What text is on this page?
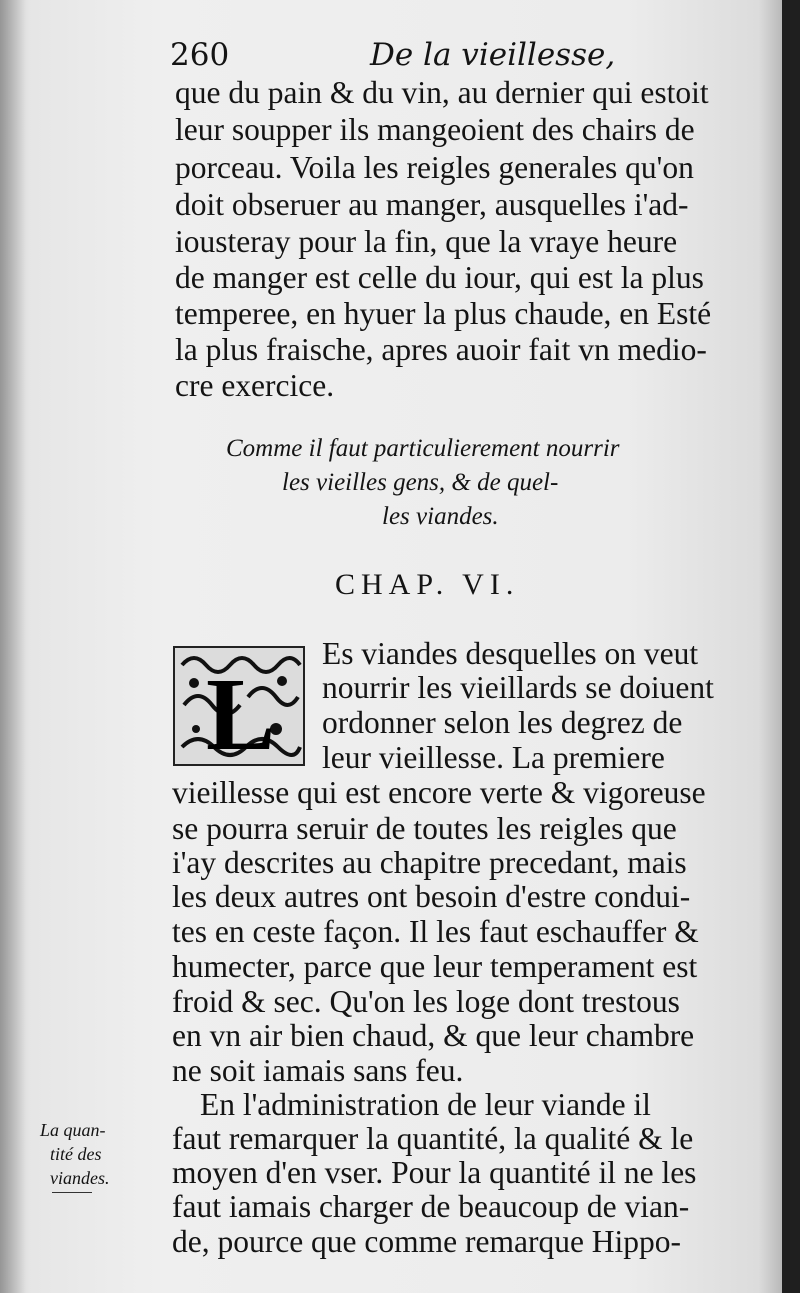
260	De la vieillesse,
que du pain & du vin, au dernier qui estoit
leur soupper ils mangeoient des chairs de
porceau. Voila les reigles generales qu'on
doit obseruer au manger, ausquelles i'ad-
iousteray pour la fin, que la vraye heure
de manger est celle du iour, qui est la plus
temperee, en hyuer la plus chaude, en Esté
la plus fraische, apres auoir fait vn medio-
cre exercice.
Comme il faut particulierement nourrir
les vieilles gens, & de quel-
les viandes.
CHAP. VI.
L
Es viandes desquelles on veut
nourrir les vieillards se doiuent
ordonner selon les degrez de
leur vieillesse. La premiere
vieillesse qui est encore verte & vigoreuse
se pourra seruir de toutes les reigles que
i'ay descrites au chapitre precedant, mais
les deux autres ont besoin d'estre condui-
tes en ceste façon. Il les faut eschauffer &
humecter, parce que leur temperament est
froid & sec. Qu'on les loge dont trestous
en vn air bien chaud, & que leur chambre
ne soit iamais sans feu.
En l'administration de leur viande il
faut remarquer la quantité, la qualité & le
moyen d'en vser. Pour la quantité il ne les
faut iamais charger de beaucoup de vian-
de, pource que comme remarque Hippo-
La quan-
tité des
viandes.
